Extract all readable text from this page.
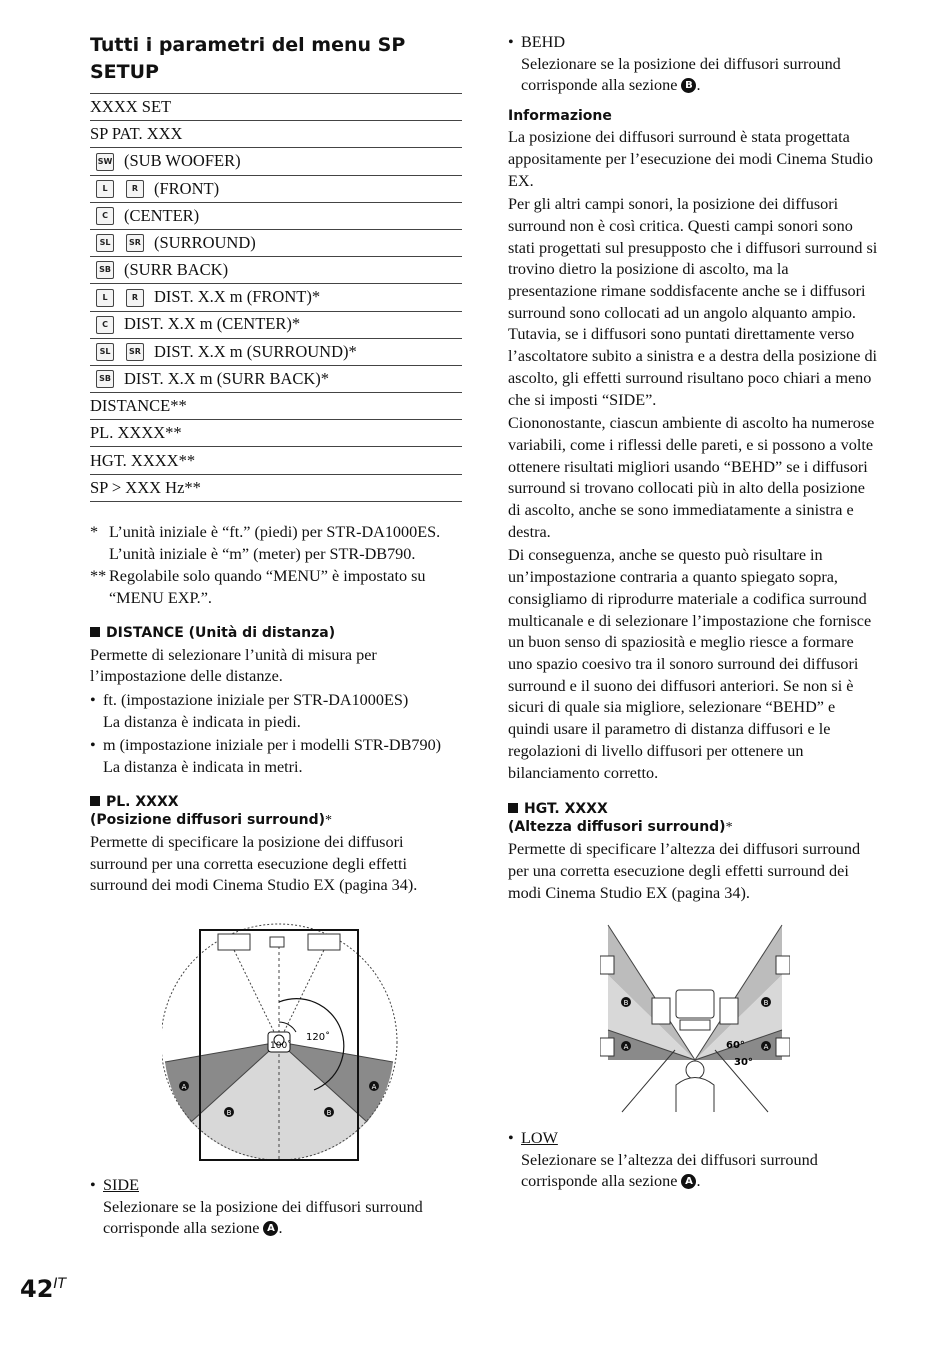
Tutti i parametri del menu SP SETUP
XXXX SET
SP PAT. XXX
SW (SUB WOOFER)
L	R (FRONT)
C (CENTER)
SL SR (SURROUND)
SB (SURR BACK)
L	R DIST. X.X m (FRONT)*
C DIST. X.X m (CENTER)*
SL SR DIST. X.X m (SURROUND)*
SB DIST. X.X m (SURR BACK)*
DISTANCE**
PL. XXXX**
HGT. XXXX**
SP > XXX Hz**
* L’unità iniziale è “ft.” (piedi) per STR-DA1000ES.
L’unità iniziale è “m” (meter) per STR-DB790.
** Regolabile solo quando “MENU” è impostato su
“MENU EXP.”.
DISTANCE (Unità di distanza)

Permette di selezionare l’unità di misura per l’impostazione delle distanze.

• ft. (impostazione iniziale per STR-DA1000ES)
La distanza è indicata in piedi.
• m (impostazione iniziale per i modelli STR-DB790)
La distanza è indicata in metri.
PL. XXXX
(Posizione diffusori surround)*

Permette di specificare la posizione dei diffusori surround per una corretta esecuzione degli effetti surround dei modi Cinema Studio EX (pagina 34).

100˚
120˚
A	A
B	B
• SIDE
Selezionare se la posizione dei diffusori surround corrisponde alla sezione A .
• BEHD
Selezionare se la posizione dei diffusori surround corrisponde alla sezione B .
Informazione

La posizione dei diffusori surround è stata progettata appositamente per l’esecuzione dei modi Cinema Studio EX.

Per gli altri campi sonori, la posizione dei diffusori surround non è così critica. Questi campi sonori sono stati progettati sul presupposto che i diffusori surround si trovino dietro la posizione di ascolto, ma la presentazione rimane soddisfacente anche se i diffusori surround sono collocati ad un angolo alquanto ampio. Tutavia, se i diffusori sono puntati direttamente verso l’ascoltatore subito a sinistra e a destra della posizione di ascolto, gli effetti surround risultano poco chiari a meno che si imposti “SIDE”.

Ciononostante, ciascun ambiente di ascolto ha numerose variabili, come i riflessi delle pareti, e si possono a volte ottenere risultati migliori usando “BEHD” se i diffusori surround si trovano collocati più in alto della posizione di ascolto, anche se sono immediatamente a sinistra e destra.

Di conseguenza, anche se questo può risultare in un’impostazione contraria a quanto spiegato sopra, consigliamo di riprodurre materiale a codifica surround multicanale e di selezionare l’impostazione che fornisce un buon senso di spaziosità e meglio riesce a formare uno spazio coesivo tra il sonoro surround dei diffusori surround e il suono dei diffusori anteriori. Se non si è sicuri di quale sia migliore, selezionare “BEHD” e quindi usare il parametro di distanza diffusori e le regolazioni di livello diffusori per ottenere un bilanciamento corretto.

HGT. XXXX
(Altezza diffusori surround)*

Permette di specificare l’altezza dei diffusori surround per una corretta esecuzione degli effetti surround dei modi Cinema Studio EX (pagina 34).

60°
30°
B	B
A	A
• LOW
Selezionare se l’altezza dei diffusori surround corrisponde alla sezione A .
$42^{IT}$
